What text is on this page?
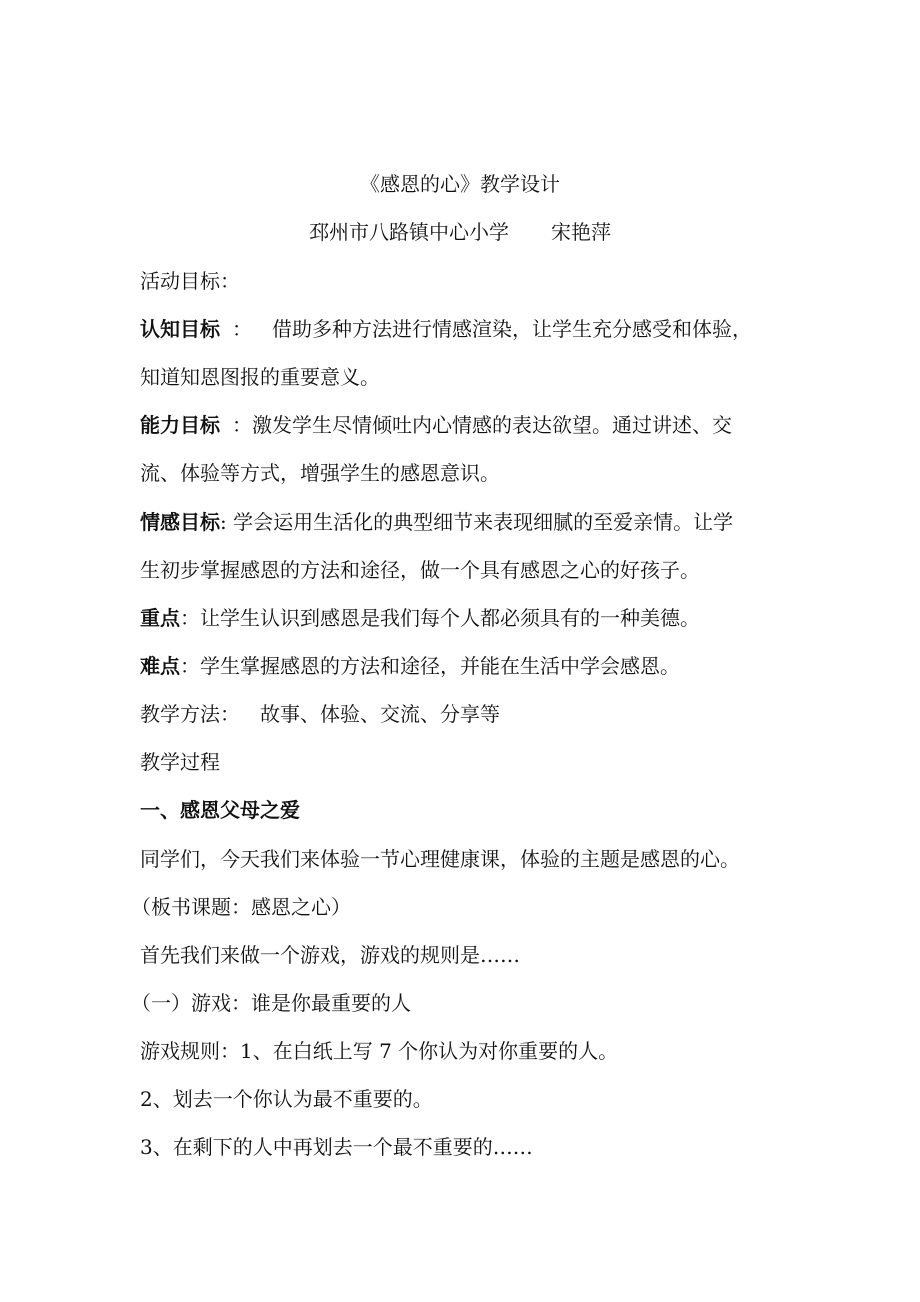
《感恩的心》教学设计
邳州市八路镇中心小学 宋艳萍
活动目标：
认知目标 ： 借助多种方法进行情感渲染，让学生充分感受和体验，
知道知恩图报的重要意义。
能力目标 ：激发学生尽情倾吐内心情感的表达欲望。通过讲述、交
流、体验等方式，增强学生的感恩意识。
情感目标: 学会运用生活化的典型细节来表现细腻的至爱亲情。让学
生初步掌握感恩的方法和途径，做一个具有感恩之心的好孩子。
重点：让学生认识到感恩是我们每个人都必须具有的一种美德。
难点：学生掌握感恩的方法和途径，并能在生活中学会感恩。
教学方法： 故事、体验、交流、分享等
教学过程
一、感恩父母之爱
同学们，今天我们来体验一节心理健康课，体验的主题是感恩的心。
（板书课题：感恩之心）
首先我们来做一个游戏，游戏的规则是……
（一）游戏：谁是你最重要的人
游戏规则：1、在白纸上写 7 个你认为对你重要的人。
2、划去一个你认为最不重要的。
3、在剩下的人中再划去一个最不重要的……
